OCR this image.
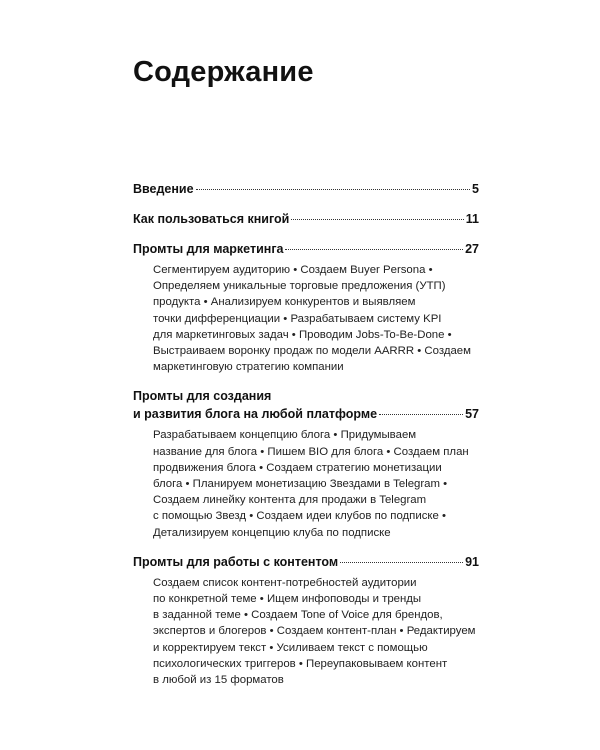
Содержание
Введение	5
Как пользоваться книгой	11
Промты для маркетинга	27
Сегментируем аудиторию • Создаем Buyer Persona •
Определяем уникальные торговые предложения (УТП)
продукта • Анализируем конкурентов и выявляем
точки дифференциации • Разрабатываем систему KPI
для маркетинговых задач • Проводим Jobs-To-Be-Done •
Выстраиваем воронку продаж по модели AARRR • Создаем
маркетинговую стратегию компании
Промты для создания
и развития блога на любой платформе	57
Разрабатываем концепцию блога • Придумываем
название для блога • Пишем BIO для блога • Создаем план
продвижения блога • Создаем стратегию монетизации
блога • Планируем монетизацию Звездами в Telegram •
Создаем линейку контента для продажи в Telegram
с помощью Звезд • Создаем идеи клубов по подписке •
Детализируем концепцию клуба по подписке
Промты для работы с контентом	91
Создаем список контент-потребностей аудитории
по конкретной теме • Ищем инфоповоды и тренды
в заданной теме • Создаем Tone of Voice для брендов,
экспертов и блогеров • Создаем контент-план • Редактируем
и корректируем текст • Усиливаем текст с помощью
психологических триггеров • Переупаковываем контент
в любой из 15 форматов
